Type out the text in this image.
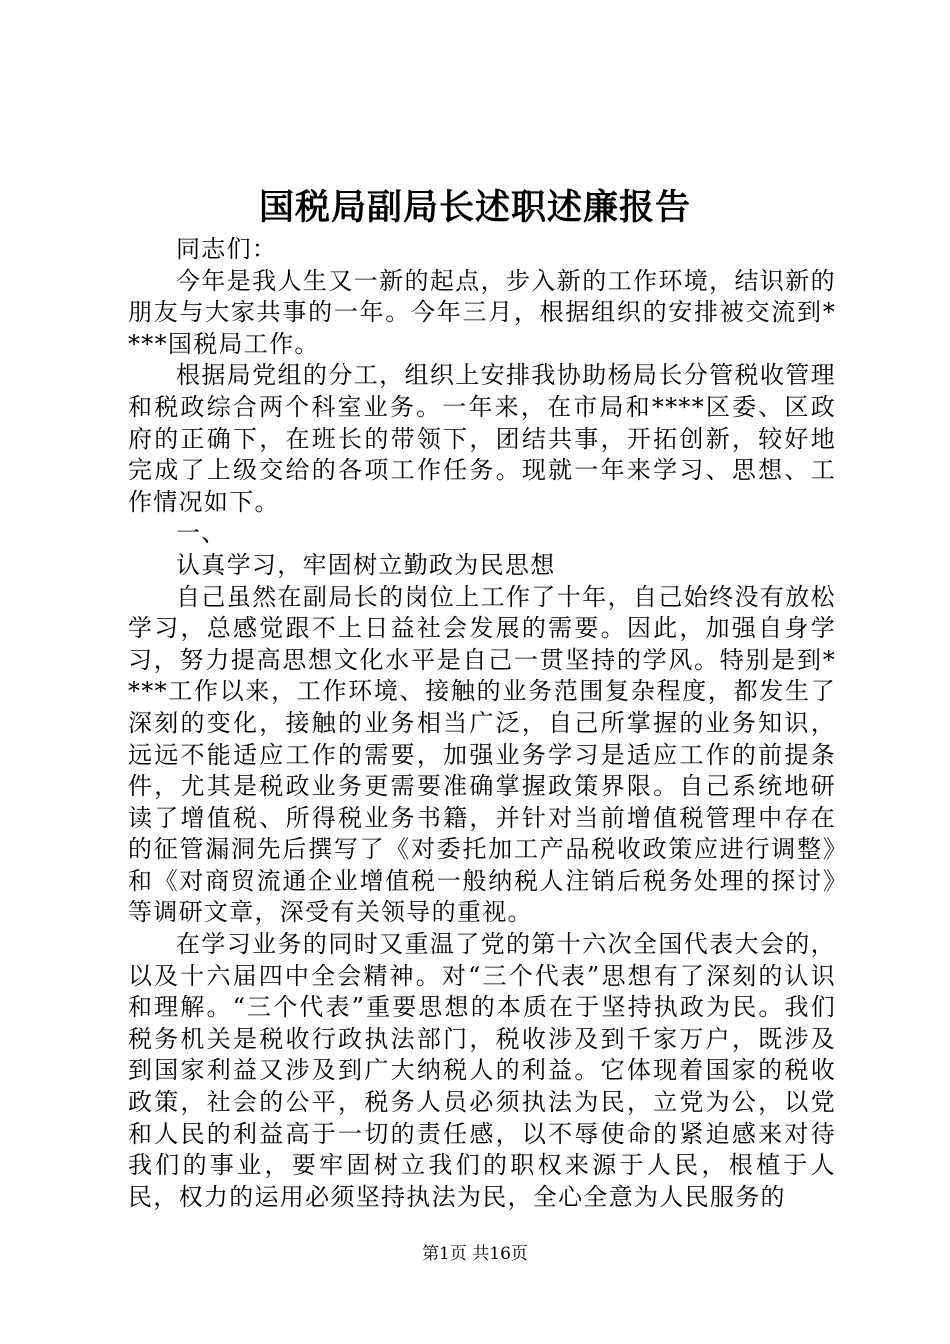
国税局副局长述职述廉报告

同志们：

今年是我人生又一新的起点，步入新的工作环境，结识新的朋友与大家共事的一年。今年三月，根据组织的安排被交流到****国税局工作。

根据局党组的分工，组织上安排我协助杨局长分管税收管理和税政综合两个科室业务。一年来，在市局和****区委、区政府的正确下，在班长的带领下，团结共事，开拓创新，较好地完成了上级交给的各项工作任务。现就一年来学习、思想、工作情况如下。

一、

认真学习，牢固树立勤政为民思想

自己虽然在副局长的岗位上工作了十年，自己始终没有放松学习，总感觉跟不上日益社会发展的需要。因此，加强自身学习，努力提高思想文化水平是自己一贯坚持的学风。特别是到****工作以来，工作环境、接触的业务范围复杂程度，都发生了深刻的变化，接触的业务相当广泛，自己所掌握的业务知识，远远不能适应工作的需要，加强业务学习是适应工作的前提条件，尤其是税政业务更需要准确掌握政策界限。自己系统地研读了增值税、所得税业务书籍，并针对当前增值税管理中存在的征管漏洞先后撰写了《对委托加工产品税收政策应进行调整》和《对商贸流通企业增值税一般纳税人注销后税务处理的探讨》等调研文章，深受有关领导的重视。

在学习业务的同时又重温了党的第十六次全国代表大会的，以及十六届四中全会精神。对“三个代表”思想有了深刻的认识和理解。“三个代表”重要思想的本质在于坚持执政为民。我们税务机关是税收行政执法部门，税收涉及到千家万户，既涉及到国家利益又涉及到广大纳税人的利益。它体现着国家的税收政策，社会的公平，税务人员必须执法为民，立党为公，以党和人民的利益高于一切的责任感，以不辱使命的紧迫感来对待我们的事业，要牢固树立我们的职权来源于人民，根植于人民，权力的运用必须坚持执法为民，全心全意为人民服务的

第1页 共16页
